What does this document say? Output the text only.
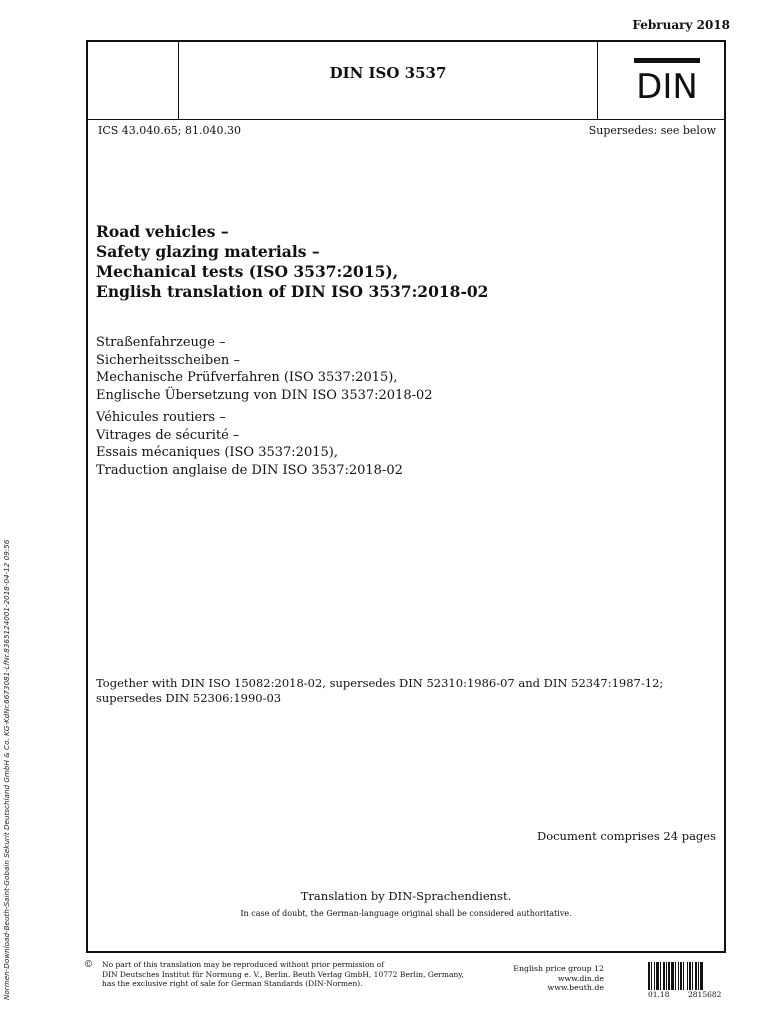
February 2018
DIN ISO 3537	DIN
ICS 43.040.65; 81.040.30	Supersedes: see below
Road vehicles –
Safety glazing materials –
Mechanical tests (ISO 3537:2015),
English translation of DIN ISO 3537:2018-02
Straßenfahrzeuge –
Sicherheitsscheiben –
Mechanische Prüfverfahren (ISO 3537:2015),
Englische Übersetzung von DIN ISO 3537:2018-02
Véhicules routiers –
Vitrages de sécurité –
Essais mécaniques (ISO 3537:2015),
Traduction anglaise de DIN ISO 3537:2018-02
Together with DIN ISO 15082:2018-02, supersedes DIN 52310:1986-07 and DIN 52347:1987-12;
supersedes DIN 52306:1990-03
Document comprises 24 pages
Translation by DIN-Sprachendienst.
In case of doubt, the German-language original shall be considered authoritative.
© No part of this translation may be reproduced without prior permission of
DIN Deutsches Institut für Normung e. V., Berlin. Beuth Verlag GmbH, 10772 Berlin, Germany,
has the exclusive right of sale for German Standards (DIN-Normen).
English price group 12
www.din.de
www.beuth.de
01.18 2815682
Normen-Download-Beuth-Saint-Gobain Sekurit Deutschland GmbH & Co. KG-KdNr.6673081-LfNr.8365124001-2018-04-12 09:56
